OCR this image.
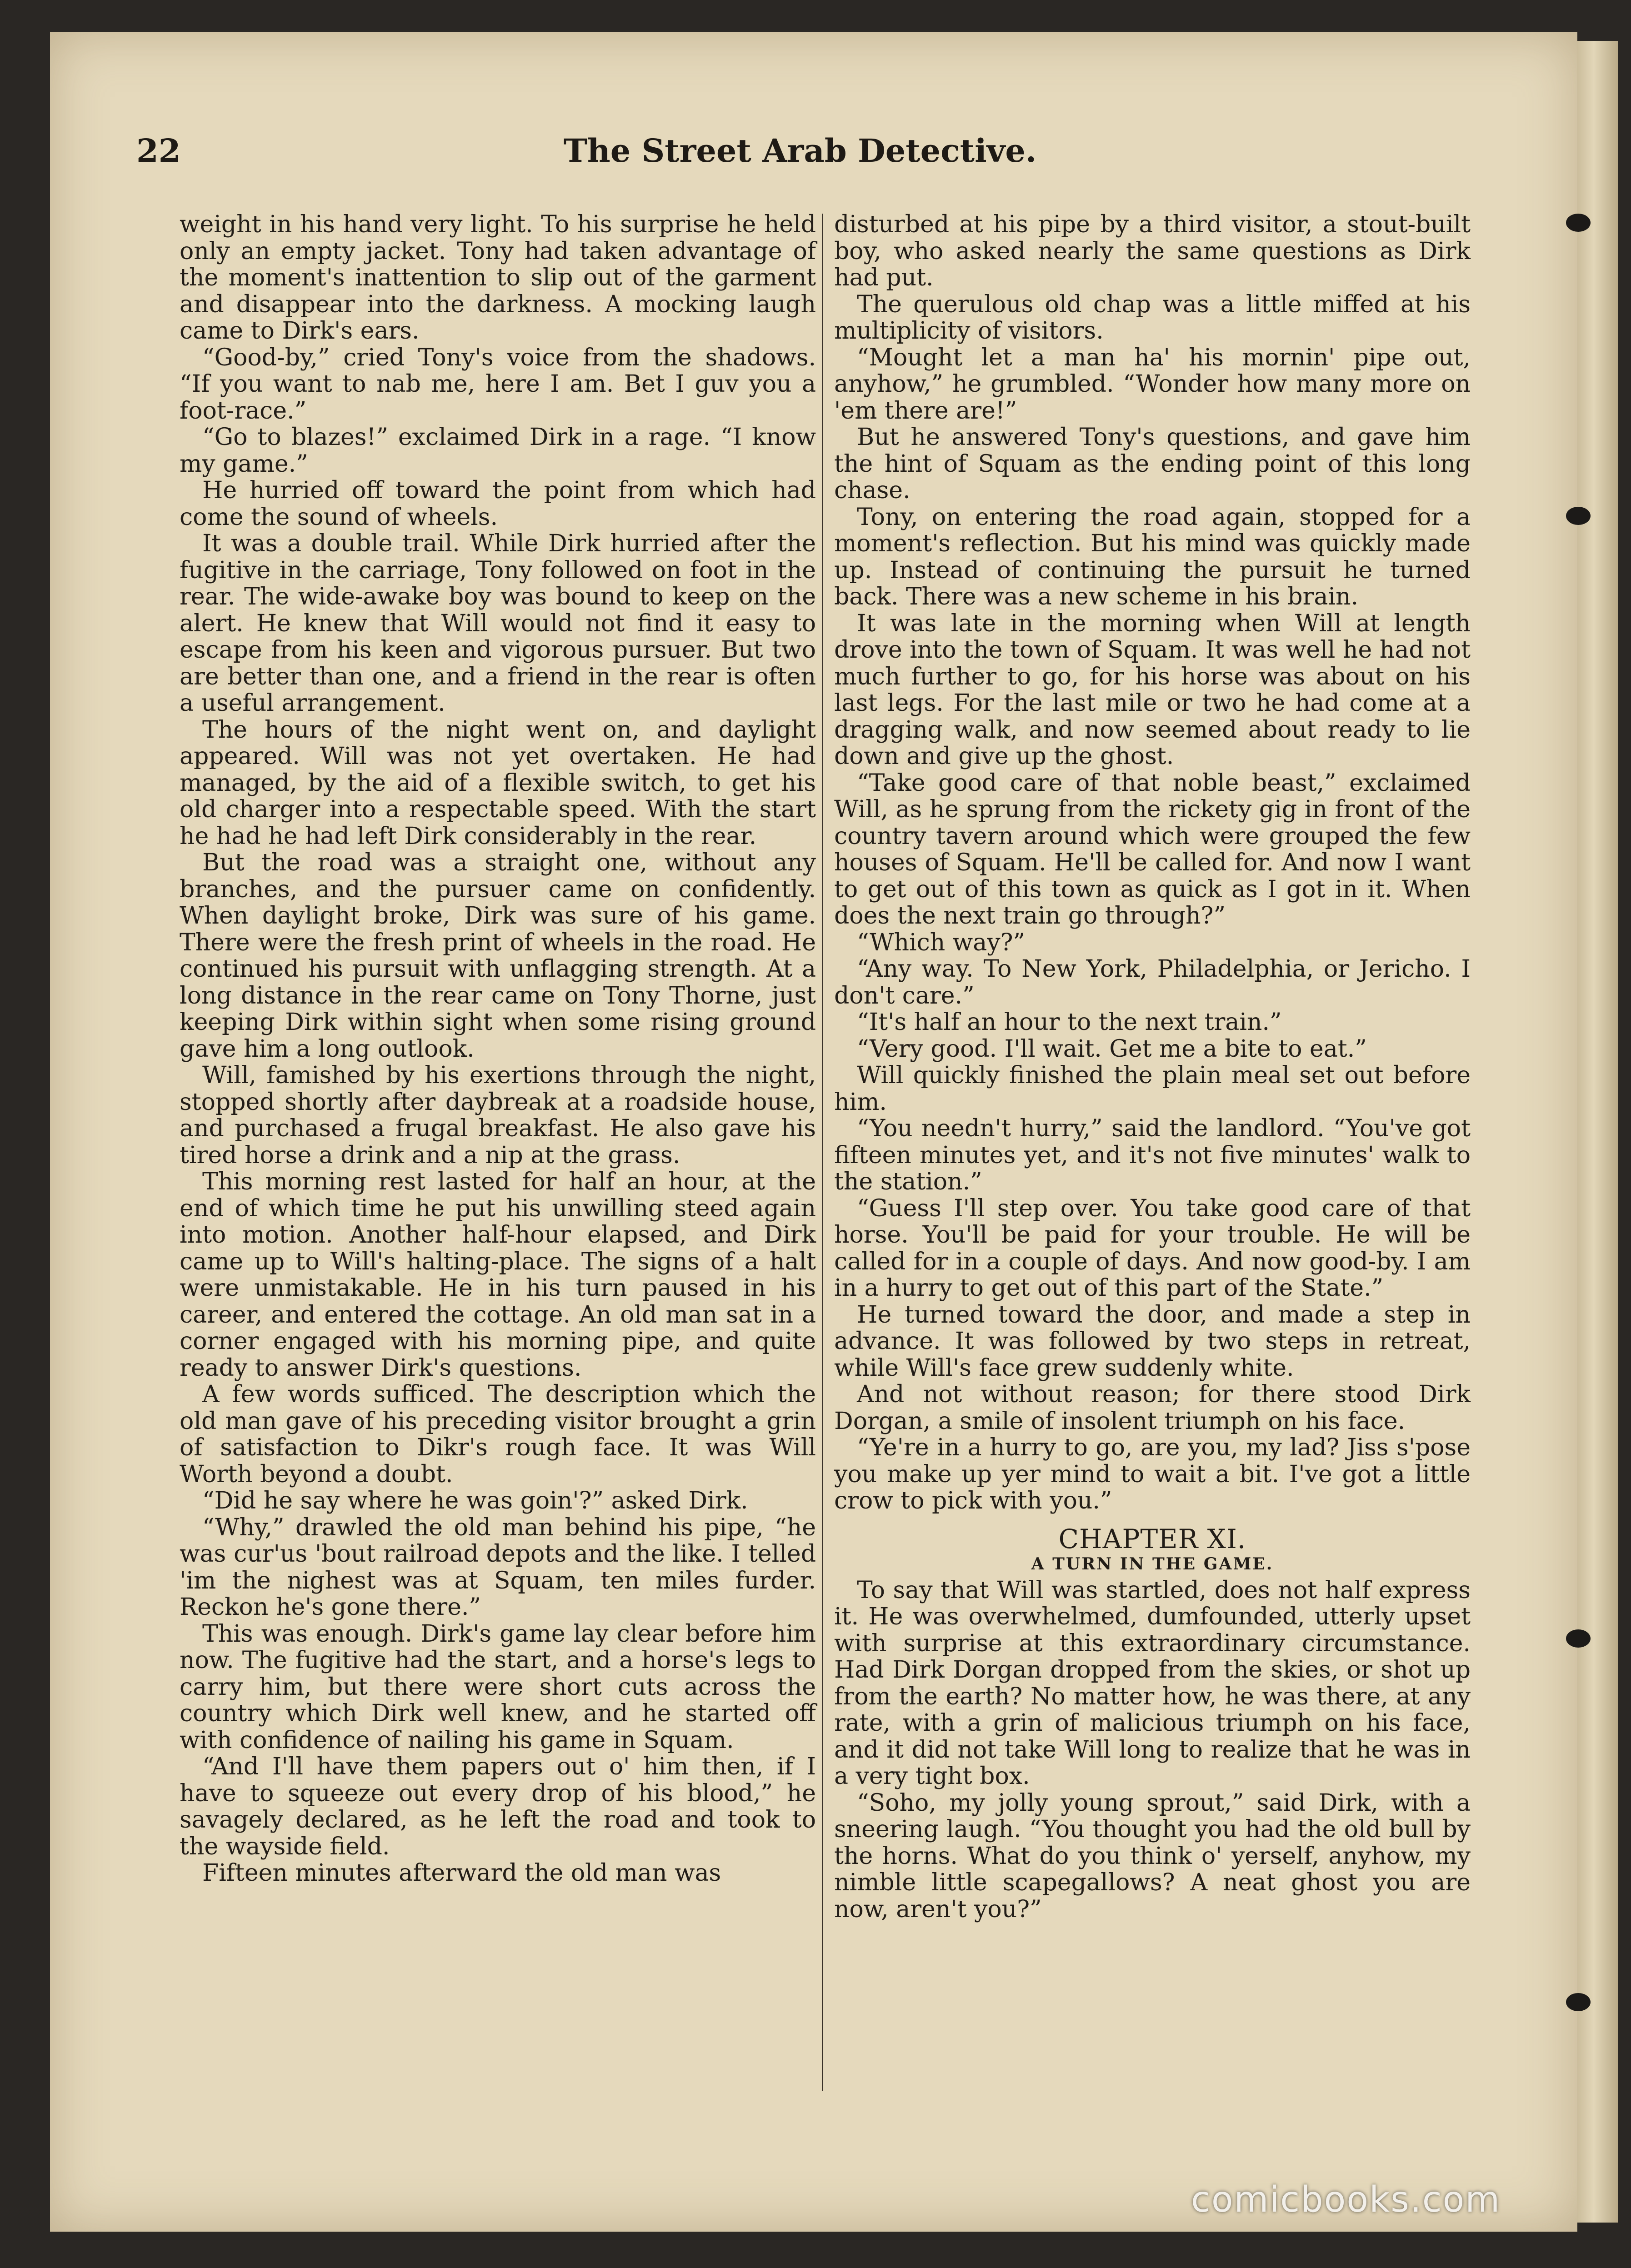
22	The Street Arab Detective.

weight in his hand very light. To his surprise he held only an empty jacket. Tony had taken advantage of the moment's inattention to slip out of the garment and disappear into the darkness. A mocking laugh came to Dirk's ears.

“Good-by,” cried Tony's voice from the shadows. “If you want to nab me, here I am. Bet I guv you a foot-race.”

“Go to blazes!” exclaimed Dirk in a rage. “I know my game.”

He hurried off toward the point from which had come the sound of wheels.

It was a double trail. While Dirk hurried after the fugitive in the carriage, Tony followed on foot in the rear. The wide-awake boy was bound to keep on the alert. He knew that Will would not find it easy to escape from his keen and vigorous pursuer. But two are better than one, and a friend in the rear is often a useful arrangement.

The hours of the night went on, and daylight appeared. Will was not yet overtaken. He had managed, by the aid of a flexible switch, to get his old charger into a respectable speed. With the start he had he had left Dirk considerably in the rear.

But the road was a straight one, without any branches, and the pursuer came on confidently. When daylight broke, Dirk was sure of his game. There were the fresh print of wheels in the road. He continued his pursuit with unflagging strength. At a long distance in the rear came on Tony Thorne, just keeping Dirk within sight when some rising ground gave him a long outlook.

Will, famished by his exertions through the night, stopped shortly after daybreak at a roadside house, and purchased a frugal breakfast. He also gave his tired horse a drink and a nip at the grass.

This morning rest lasted for half an hour, at the end of which time he put his unwilling steed again into motion. Another half-hour elapsed, and Dirk came up to Will's halting-place. The signs of a halt were unmistakable. He in his turn paused in his career, and entered the cottage. An old man sat in a corner engaged with his morning pipe, and quite ready to answer Dirk's questions.

A few words sufficed. The description which the old man gave of his preceding visitor brought a grin of satisfaction to Dikr's rough face. It was Will Worth beyond a doubt.

“Did he say where he was goin'?” asked Dirk.

“Why,” drawled the old man behind his pipe, “he was cur'us 'bout railroad depots and the like. I telled 'im the nighest was at Squam, ten miles furder. Reckon he's gone there.”

This was enough. Dirk's game lay clear before him now. The fugitive had the start, and a horse's legs to carry him, but there were short cuts across the country which Dirk well knew, and he started off with confidence of nailing his game in Squam.

“And I'll have them papers out o' him then, if I have to squeeze out every drop of his blood,” he savagely declared, as he left the road and took to the wayside field.

Fifteen minutes afterward the old man was

disturbed at his pipe by a third visitor, a stout-built boy, who asked nearly the same questions as Dirk had put.

The querulous old chap was a little miffed at his multiplicity of visitors.

“Mought let a man ha' his mornin' pipe out, anyhow,” he grumbled. “Wonder how many more on 'em there are!”

But he answered Tony's questions, and gave him the hint of Squam as the ending point of this long chase.

Tony, on entering the road again, stopped for a moment's reflection. But his mind was quickly made up. Instead of continuing the pursuit he turned back. There was a new scheme in his brain.

It was late in the morning when Will at length drove into the town of Squam. It was well he had not much further to go, for his horse was about on his last legs. For the last mile or two he had come at a dragging walk, and now seemed about ready to lie down and give up the ghost.

“Take good care of that noble beast,” exclaimed Will, as he sprung from the rickety gig in front of the country tavern around which were grouped the few houses of Squam. He'll be called for. And now I want to get out of this town as quick as I got in it. When does the next train go through?”

“Which way?”

“Any way. To New York, Philadelphia, or Jericho. I don't care.”

“It's half an hour to the next train.”

“Very good. I'll wait. Get me a bite to eat.”

Will quickly finished the plain meal set out before him.

“You needn't hurry,” said the landlord. “You've got fifteen minutes yet, and it's not five minutes' walk to the station.”

“Guess I'll step over. You take good care of that horse. You'll be paid for your trouble. He will be called for in a couple of days. And now good-by. I am in a hurry to get out of this part of the State.”

He turned toward the door, and made a step in advance. It was followed by two steps in retreat, while Will's face grew suddenly white.

And not without reason; for there stood Dirk Dorgan, a smile of insolent triumph on his face.

“Ye're in a hurry to go, are you, my lad? Jiss s'pose you make up yer mind to wait a bit. I've got a little crow to pick with you.”

CHAPTER XI.
A TURN IN THE GAME.

To say that Will was startled, does not half express it. He was overwhelmed, dumfounded, utterly upset with surprise at this extraordinary circumstance. Had Dirk Dorgan dropped from the skies, or shot up from the earth? No matter how, he was there, at any rate, with a grin of malicious triumph on his face, and it did not take Will long to realize that he was in a very tight box.

“Soho, my jolly young sprout,” said Dirk, with a sneering laugh. “You thought you had the old bull by the horns. What do you think o' yerself, anyhow, my nimble little scapegallows? A neat ghost you are now, aren't you?”

comicbooks.com
